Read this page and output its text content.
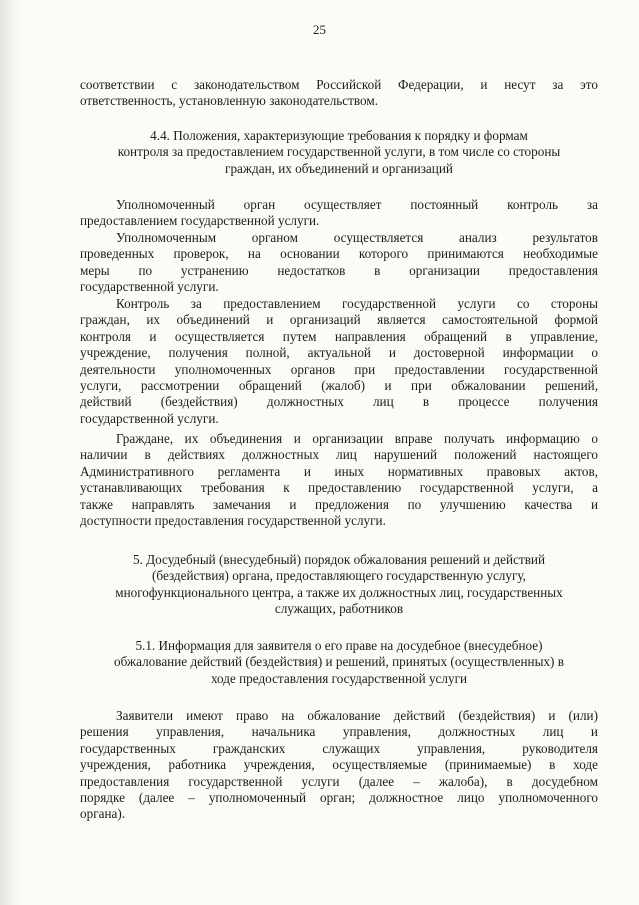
25
соответствии с законодательством Российской Федерации, и несут за это
ответственность, установленную законодательством.
4.4. Положения, характеризующие требования к порядку и формам
контроля за предоставлением государственной услуги, в том числе со стороны
граждан, их объединений и организаций
Уполномоченный орган осуществляет постоянный контроль за
предоставлением государственной услуги.
Уполномоченным органом осуществляется анализ результатов
проведенных проверок, на основании которого принимаются необходимые
меры по устранению недостатков в организации предоставления
государственной услуги.
Контроль за предоставлением государственной услуги со стороны
граждан, их объединений и организаций является самостоятельной формой
контроля и осуществляется путем направления обращений в управление,
учреждение, получения полной, актуальной и достоверной информации о
деятельности уполномоченных органов при предоставлении государственной
услуги, рассмотрении обращений (жалоб) и при обжаловании решений,
действий (бездействия) должностных лиц в процессе получения
государственной услуги.
Граждане, их объединения и организации вправе получать информацию о
наличии в действиях должностных лиц нарушений положений настоящего
Административного регламента и иных нормативных правовых актов,
устанавливающих требования к предоставлению государственной услуги, а
также направлять замечания и предложения по улучшению качества и
доступности предоставления государственной услуги.
5. Досудебный (внесудебный) порядок обжалования решений и действий
(бездействия) органа, предоставляющего государственную услугу,
многофункционального центра, а также их должностных лиц, государственных
служащих, работников
5.1. Информация для заявителя о его праве на досудебное (внесудебное)
обжалование действий (бездействия) и решений, принятых (осуществленных) в
ходе предоставления государственной услуги
Заявители имеют право на обжалование действий (бездействия) и (или)
решения управления, начальника управления, должностных лиц и
государственных гражданских служащих управления, руководителя
учреждения, работника учреждения, осуществляемые (принимаемые) в ходе
предоставления государственной услуги (далее – жалоба), в досудебном
порядке (далее – уполномоченный орган; должностное лицо уполномоченного
органа).
